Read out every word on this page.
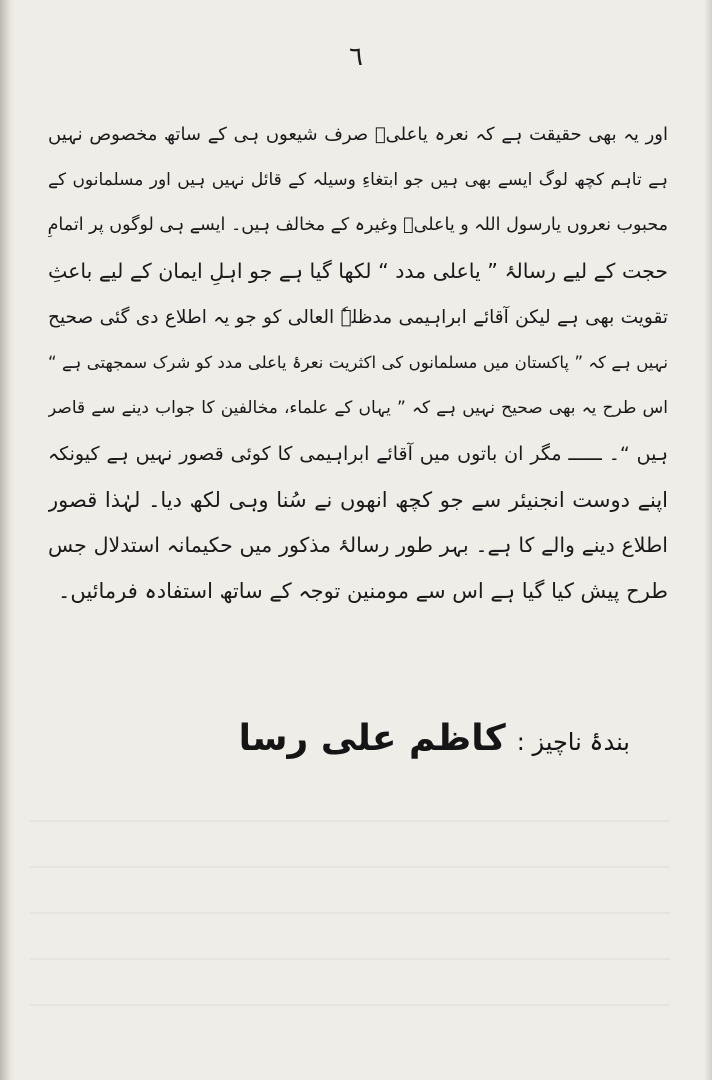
٦
اور یہ بھی حقیقت ہے کہ نعرہ یاعلیؑ صرف شیعوں ہی کے ساتھ مخصوص نہیں
ہے تاہم کچھ لوگ ایسے بھی ہیں جو ابتغاءِ وسیلہ کے قائل نہیں ہیں اور مسلمانوں کے
محبوب نعروں یارسول اللہ و یاعلیؑ وغیرہ کے مخالف ہیں۔ ایسے ہی لوگوں پر اتمامِ
حجت کے لیے رسالۂ ” یاعلی مدد “ لکھا گیا ہے جو اہلِ ایمان کے لیے باعثِ
تقویت بھی ہے لیکن آقائے ابراہیمی مدظلہٗ العالی کو جو یہ اطلاع دی گئی صحیح
نہیں ہے کہ ” پاکستان میں مسلمانوں کی اکثریت نعرۂ یاعلی مدد کو شرک سمجھتی ہے “
اس طرح یہ بھی صحیح نہیں ہے کہ ” یہاں کے علماء، مخالفین کا جواب دینے سے قاصر
ہیں “۔ ــــــ مگر ان باتوں میں آقائے ابراہیمی کا کوئی قصور نہیں ہے کیونکہ
اپنے دوست انجنیئر سے جو کچھ انھوں نے سُنا وہی لکھ دیا۔ لہٰذا قصور
اطلاع دینے والے کا ہے۔ بہر طور رسالۂ مذکور میں حکیمانہ استدلال جس
طرح پیش کیا گیا ہے اس سے مومنین توجہ کے ساتھ استفادہ فرمائیں۔
بندۂ ناچیز : کاظم علی رسا
